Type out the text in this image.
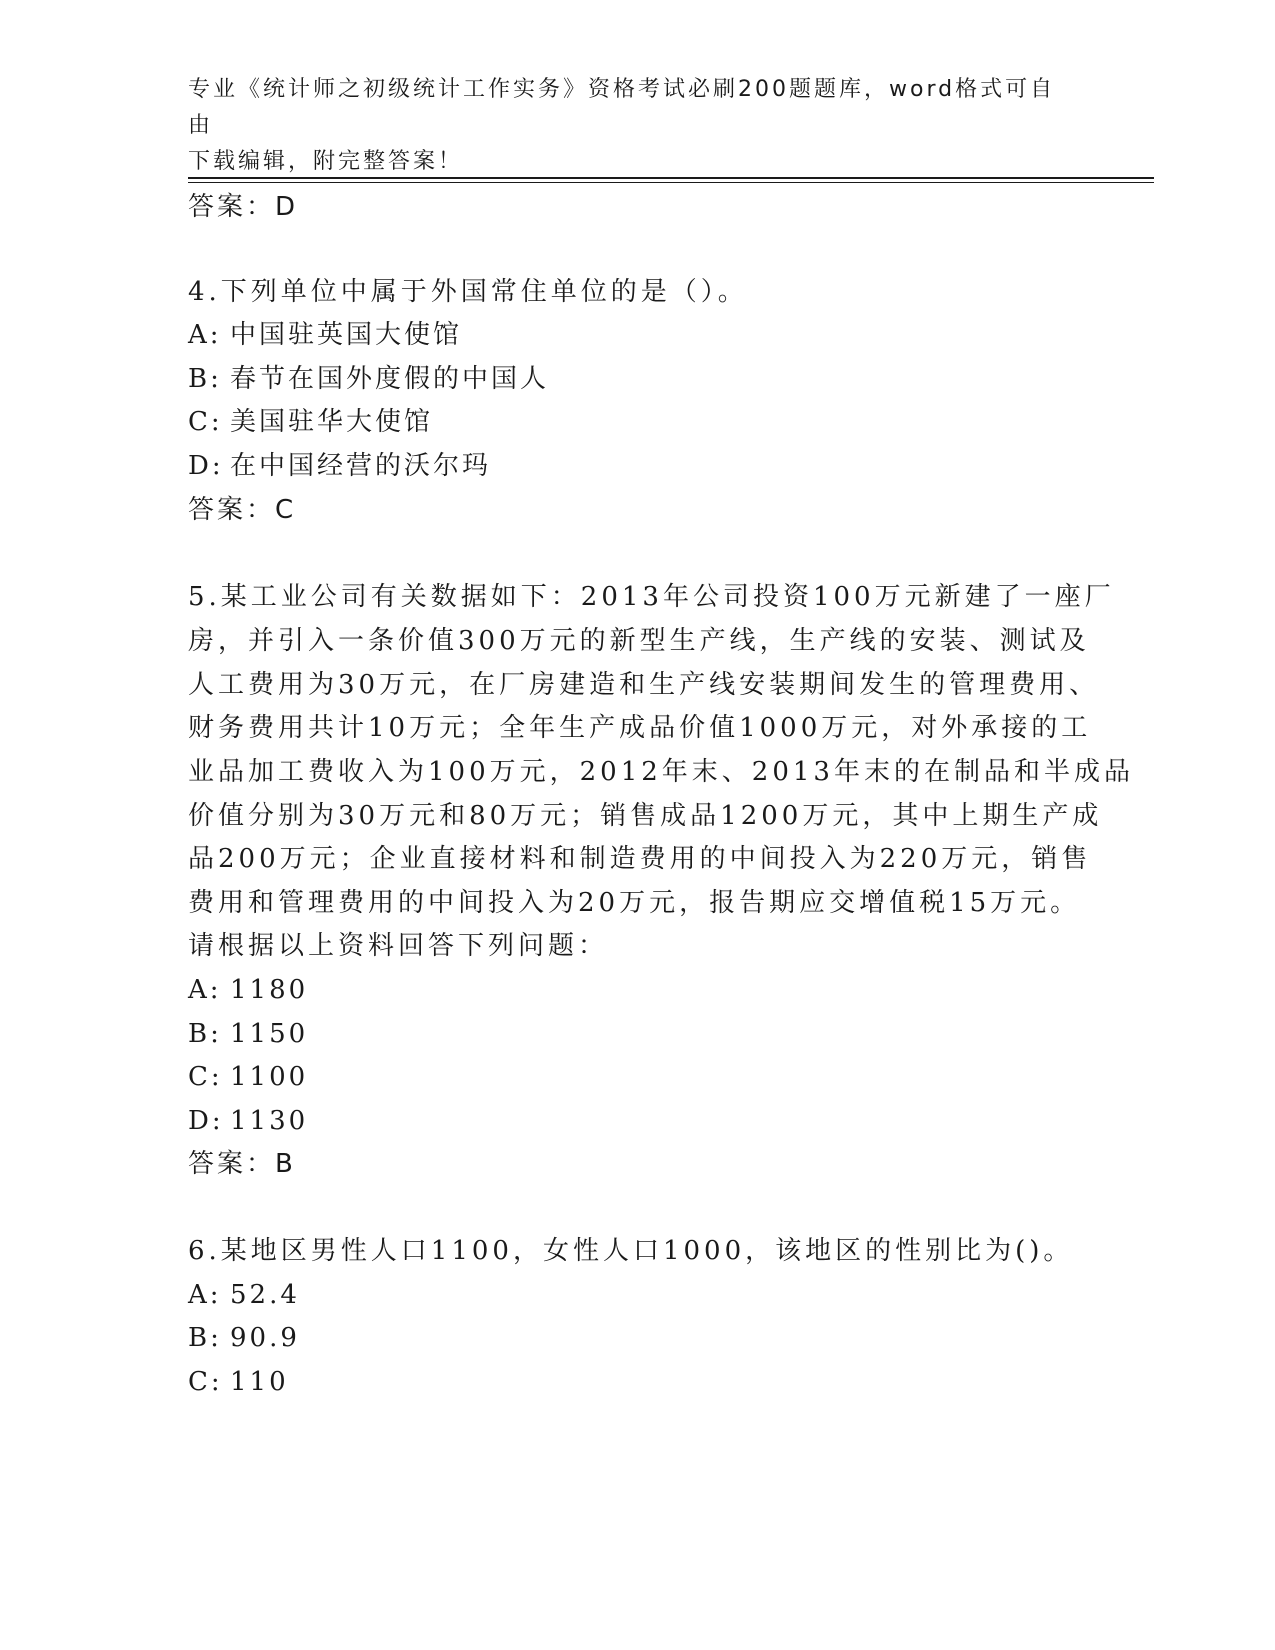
专业《统计师之初级统计工作实务》资格考试必刷200题题库，word格式可自由
下载编辑，附完整答案！
答案：D
4.下列单位中属于外国常住单位的是（）。
A: 中国驻英国大使馆
B: 春节在国外度假的中国人
C: 美国驻华大使馆
D: 在中国经营的沃尔玛
答案：C
5.某工业公司有关数据如下：2013年公司投资100万元新建了一座厂
房，并引入一条价值300万元的新型生产线，生产线的安装、测试及
人工费用为30万元，在厂房建造和生产线安装期间发生的管理费用、
财务费用共计10万元；全年生产成品价值1000万元，对外承接的工
业品加工费收入为100万元，2012年末、2013年末的在制品和半成品
价值分别为30万元和80万元；销售成品1200万元，其中上期生产成
品200万元；企业直接材料和制造费用的中间投入为220万元，销售
费用和管理费用的中间投入为20万元，报告期应交增值税15万元。
请根据以上资料回答下列问题：
A: 1180
B: 1150
C: 1100
D: 1130
答案：B
6.某地区男性人口1100，女性人口1000，该地区的性别比为()。
A: 52.4
B: 90.9
C: 110
